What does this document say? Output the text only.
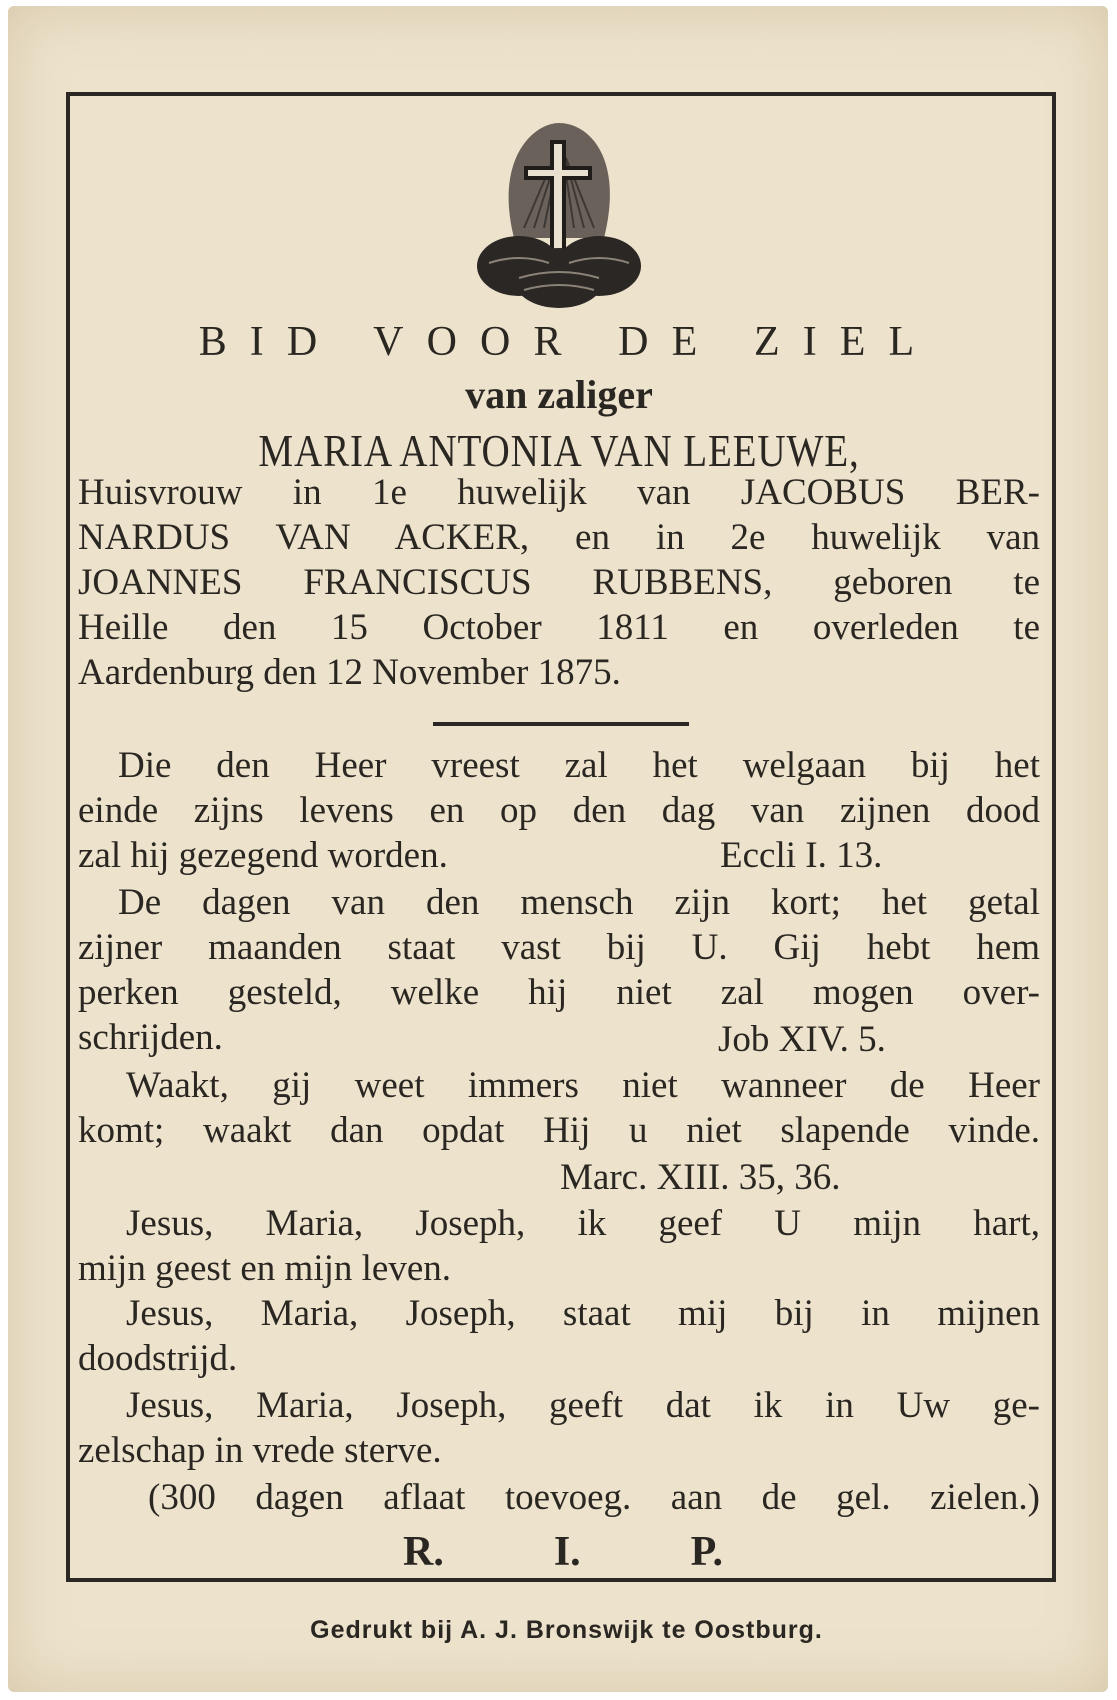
BID VOOR DE ZIEL
van zaliger
MARIA ANTONIA VAN LEEUWE,
Huisvrouw in 1e huwelijk van JACOBUS BER-
NARDUS VAN ACKER, en in 2e huwelijk van
JOANNES FRANCISCUS RUBBENS, geboren te
Heille den 15 October 1811 en overleden te
Aardenburg den 12 November 1875.
Die den Heer vreest zal het welgaan bij het
einde zijns levens en op den dag van zijnen dood
zal hij gezegend worden.	Eccli I. 13.
De dagen van den mensch zijn kort; het getal
zijner maanden staat vast bij U. Gij hebt hem
perken gesteld, welke hij niet zal mogen over-
schrijden.	Job XIV. 5.
Waakt, gij weet immers niet wanneer de Heer
komt; waakt dan opdat Hij u niet slapende vinde.
Marc. XIII. 35, 36.
Jesus, Maria, Joseph, ik geef U mijn hart,
mijn geest en mijn leven.
Jesus, Maria, Joseph, staat mij bij in mijnen
doodstrijd.
Jesus, Maria, Joseph, geeft dat ik in Uw ge-
zelschap in vrede sterve.
(300 dagen aflaat toevoeg. aan de gel. zielen.)
R.	I.	P.
Gedrukt bij A. J. Bronswijk te Oostburg.
